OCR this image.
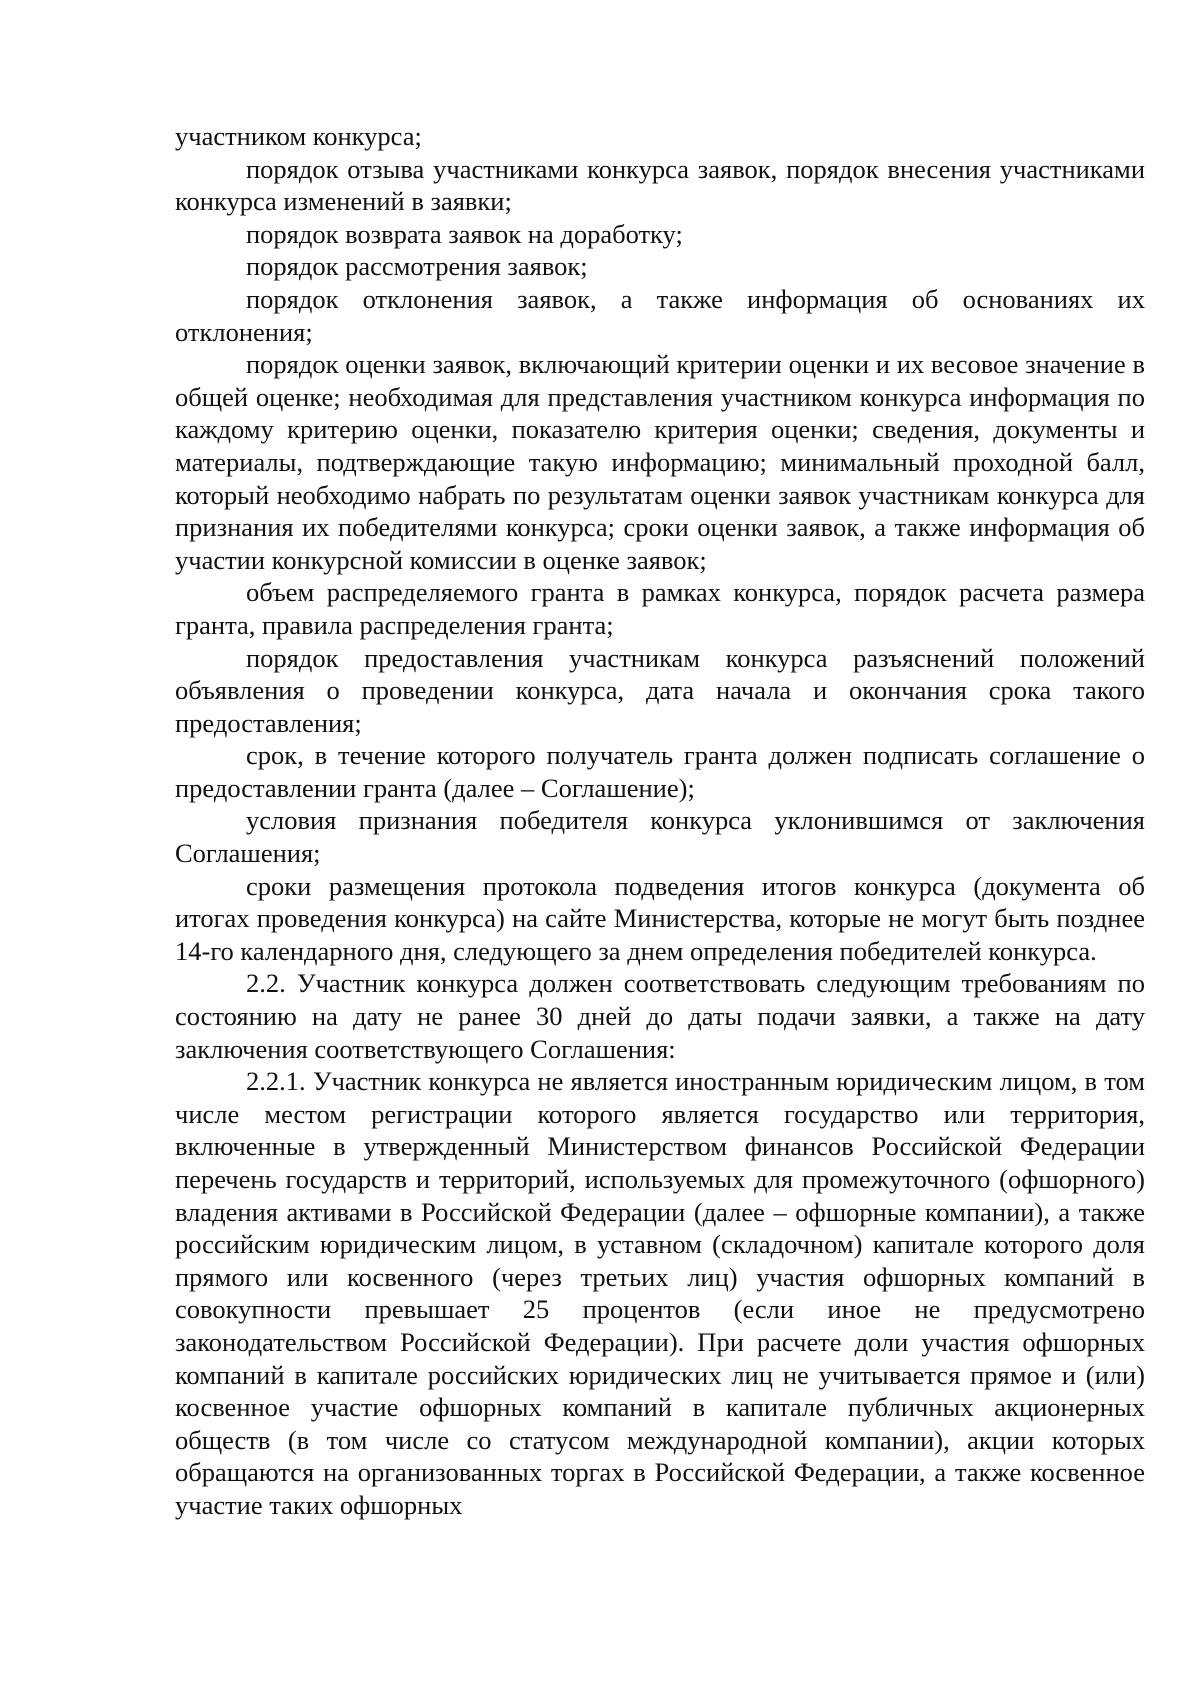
участником конкурса;

порядок отзыва участниками конкурса заявок, порядок внесения участниками конкурса изменений в заявки;

порядок возврата заявок на доработку;

порядок рассмотрения заявок;

порядок отклонения заявок, а также информация об основаниях их отклонения;

порядок оценки заявок, включающий критерии оценки и их весовое значение в общей оценке; необходимая для представления участником конкурса информация по каждому критерию оценки, показателю критерия оценки; сведения, документы и материалы, подтверждающие такую информацию; минимальный проходной балл, который необходимо набрать по результатам оценки заявок участникам конкурса для признания их победителями конкурса; сроки оценки заявок, а также информация об участии конкурсной комиссии в оценке заявок;

объем распределяемого гранта в рамках конкурса, порядок расчета размера гранта, правила распределения гранта;

порядок предоставления участникам конкурса разъяснений положений объявления о проведении конкурса, дата начала и окончания срока такого предоставления;

срок, в течение которого получатель гранта должен подписать соглашение о предоставлении гранта (далее – Соглашение);

условия признания победителя конкурса уклонившимся от заключения Соглашения;

сроки размещения протокола подведения итогов конкурса (документа об итогах проведения конкурса) на сайте Министерства, которые не могут быть позднее 14-го календарного дня, следующего за днем определения победителей конкурса.

2.2. Участник конкурса должен соответствовать следующим требованиям по состоянию на дату не ранее 30 дней до даты подачи заявки, а также на дату заключения соответствующего Соглашения:

2.2.1. Участник конкурса не является иностранным юридическим лицом, в том числе местом регистрации которого является государство или территория, включенные в утвержденный Министерством финансов Российской Федерации перечень государств и территорий, используемых для промежуточного (офшорного) владения активами в Российской Федерации (далее – офшорные компании), а также российским юридическим лицом, в уставном (складочном) капитале которого доля прямого или косвенного (через третьих лиц) участия офшорных компаний в совокупности превышает 25 процентов (если иное не предусмотрено законодательством Российской Федерации). При расчете доли участия офшорных компаний в капитале российских юридических лиц не учитывается прямое и (или) косвенное участие офшорных компаний в капитале публичных акционерных обществ (в том числе со статусом международной компании), акции которых обращаются на организованных торгах в Российской Федерации, а также косвенное участие таких офшорных
